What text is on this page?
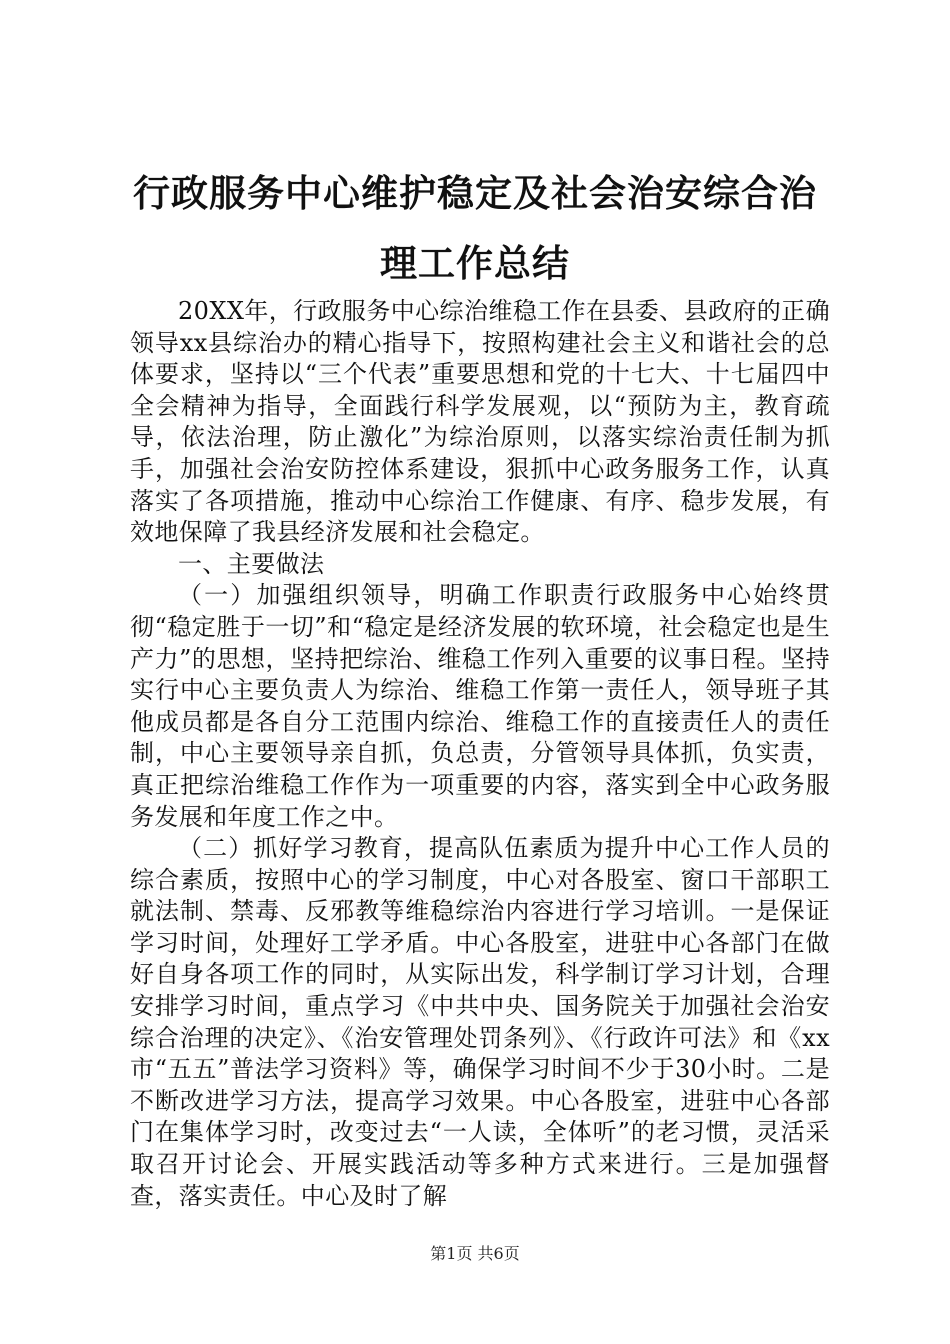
行政服务中心维护稳定及社会治安综合治理工作总结

20XX年，行政服务中心综治维稳工作在县委、县政府的正确领导xx县综治办的精心指导下，按照构建社会主义和谐社会的总体要求，坚持以“三个代表”重要思想和党的十七大、十七届四中全会精神为指导，全面践行科学发展观，以“预防为主，教育疏导，依法治理，防止激化”为综治原则，以落实综治责任制为抓手，加强社会治安防控体系建设，狠抓中心政务服务工作，认真落实了各项措施，推动中心综治工作健康、有序、稳步发展，有效地保障了我县经济发展和社会稳定。

一、主要做法

（一）加强组织领导，明确工作职责行政服务中心始终贯彻“稳定胜于一切”和“稳定是经济发展的软环境，社会稳定也是生产力”的思想，坚持把综治、维稳工作列入重要的议事日程。坚持实行中心主要负责人为综治、维稳工作第一责任人，领导班子其他成员都是各自分工范围内综治、维稳工作的直接责任人的责任制，中心主要领导亲自抓，负总责，分管领导具体抓，负实责，真正把综治维稳工作作为一项重要的内容，落实到全中心政务服务发展和年度工作之中。

（二）抓好学习教育，提高队伍素质为提升中心工作人员的综合素质，按照中心的学习制度，中心对各股室、窗口干部职工就法制、禁毒、反邪教等维稳综治内容进行学习培训。一是保证学习时间，处理好工学矛盾。中心各股室，进驻中心各部门在做好自身各项工作的同时，从实际出发，科学制订学习计划，合理安排学习时间，重点学习《中共中央、国务院关于加强社会治安综合治理的决定》、《治安管理处罚条列》、《行政许可法》和《xx市“五五”普法学习资料》等，确保学习时间不少于30小时。二是不断改进学习方法，提高学习效果。中心各股室，进驻中心各部门在集体学习时，改变过去“一人读，全体听”的老习惯，灵活采取召开讨论会、开展实践活动等多种方式来进行。三是加强督查，落实责任。中心及时了解

第1页 共6页
